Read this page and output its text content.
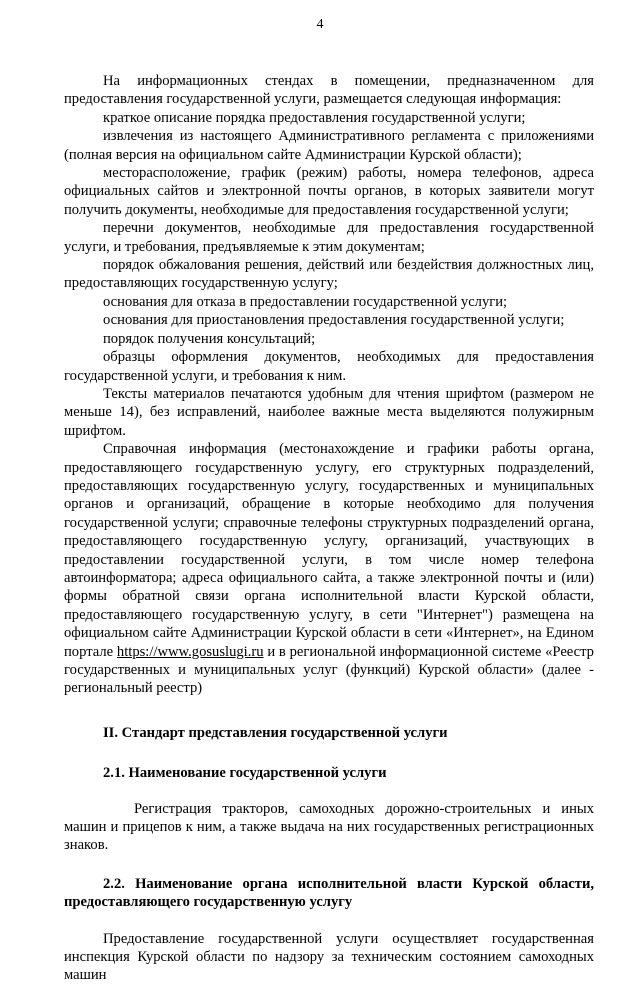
4

На информационных стендах в помещении, предназначенном для предоставления государственной услуги, размещается следующая информация:

краткое описание порядка предоставления государственной услуги;

извлечения из настоящего Административного регламента с приложениями (полная версия на официальном сайте Администрации Курской области);

месторасположение, график (режим) работы, номера телефонов, адреса официальных сайтов и электронной почты органов, в которых заявители могут получить документы, необходимые для предоставления государственной услуги;

перечни документов, необходимые для предоставления государственной услуги, и требования, предъявляемые к этим документам;

порядок обжалования решения, действий или бездействия должностных лиц, предоставляющих государственную услугу;

основания для отказа в предоставлении государственной услуги;

основания для приостановления предоставления государственной услуги;

порядок получения консультаций;

образцы оформления документов, необходимых для предоставления государственной услуги, и требования к ним.

Тексты материалов печатаются удобным для чтения шрифтом (размером не меньше 14), без исправлений, наиболее важные места выделяются полужирным шрифтом.

Справочная информация (местонахождение и графики работы органа, предоставляющего государственную услугу, его структурных подразделений, предоставляющих государственную услугу, государственных и муниципальных органов и организаций, обращение в которые необходимо для получения государственной услуги; справочные телефоны структурных подразделений органа, предоставляющего государственную услугу, организаций, участвующих в предоставлении государственной услуги, в том числе номер телефона автоинформатора; адреса официального сайта, а также электронной почты и (или) формы обратной связи органа исполнительной власти Курской области, предоставляющего государственную услугу, в сети "Интернет") размещена на официальном сайте Администрации Курской области в сети «Интернет», на Едином портале https://www.gosuslugi.ru и в региональной информационной системе «Реестр государственных и муниципальных услуг (функций) Курской области» (далее - региональный реестр)

II. Стандарт представления государственной услуги

2.1. Наименование государственной услуги

Регистрация тракторов, самоходных дорожно-строительных и иных машин и прицепов к ним, а также выдача на них государственных регистрационных знаков.

2.2. Наименование органа исполнительной власти Курской области, предоставляющего государственную услугу

Предоставление государственной услуги осуществляет государственная инспекция Курской области по надзору за техническим состоянием самоходных машин
